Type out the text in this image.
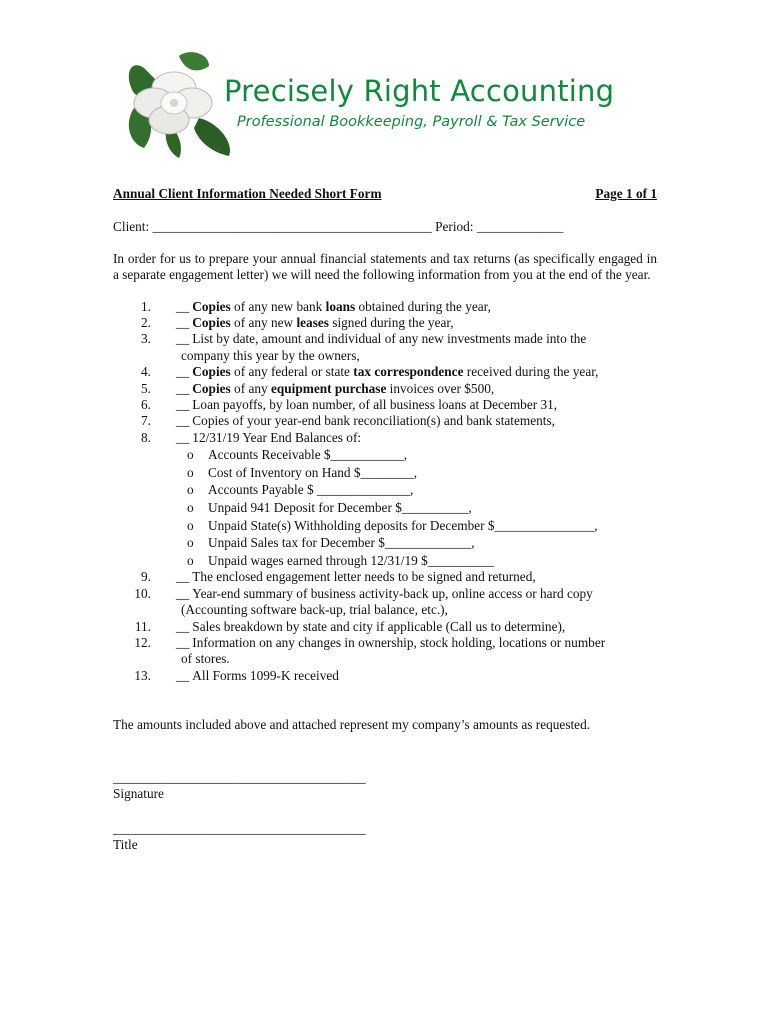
Precisely Right Accounting
Professional Bookkeeping, Payroll & Tax Service
Annual Client Information Needed Short Form	Page 1 of 1
Client: __________________________________________ Period: _____________
In order for us to prepare your annual financial statements and tax returns (as specifically engaged in a separate engagement letter) we will need the following information from you at the end of the year.
1. __ Copies of any new bank loans obtained during the year,
2. __ Copies of any new leases signed during the year,
3. __ List by date, amount and individual of any new investments made into the
company this year by the owners,
4. __ Copies of any federal or state tax correspondence received during the year,
5. __ Copies of any equipment purchase invoices over $500,
6. __ Loan payoffs, by loan number, of all business loans at December 31,
7. __ Copies of your year-end bank reconciliation(s) and bank statements,
8. __ 12/31/19 Year End Balances of:
o Accounts Receivable $___________,
o Cost of Inventory on Hand $________,
o Accounts Payable $ ______________,
o Unpaid 941 Deposit for December $__________,
o Unpaid State(s) Withholding deposits for December $_______________,
o Unpaid Sales tax for December $_____________,
o Unpaid wages earned through 12/31/19 $__________
9. __ The enclosed engagement letter needs to be signed and returned,
10. __ Year-end summary of business activity-back up, online access or hard copy
(Accounting software back-up, trial balance, etc.),
11. __ Sales breakdown by state and city if applicable (Call us to determine),
12. __ Information on any changes in ownership, stock holding, locations or number
of stores.
13. __ All Forms 1099-K received
The amounts included above and attached represent my company’s amounts as requested.
______________________________________
Signature
______________________________________
Title
